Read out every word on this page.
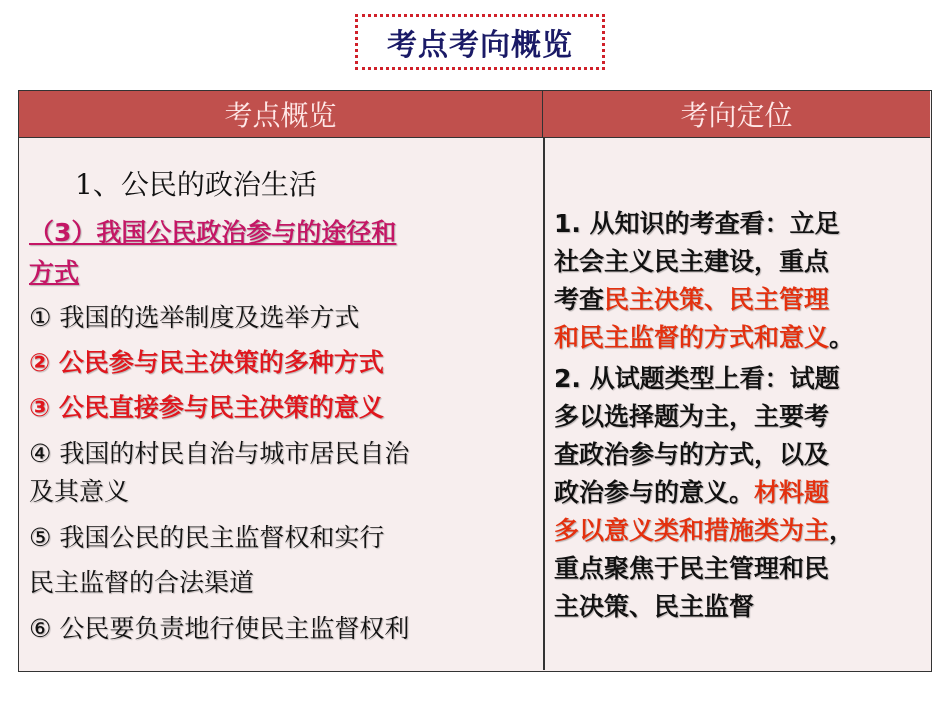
考点考向概览
考点概览	考向定位
1、公民的政治生活
（3）我国公民政治参与的途径和
方式
① 我国的选举制度及选举方式
② 公民参与民主决策的多种方式
③ 公民直接参与民主决策的意义
④ 我国的村民自治与城市居民自治
及其意义
⑤ 我国公民的民主监督权和实行
民主监督的合法渠道
⑥ 公民要负责地行使民主监督权利
1. 从知识的考查看：立足
社会主义民主建设，重点
考查民主决策、民主管理
和民主监督的方式和意义。
2. 从试题类型上看：试题
多以选择题为主，主要考
查政治参与的方式，以及
政治参与的意义。材料题
多以意义类和措施类为主，
重点聚焦于民主管理和民
主决策、民主监督
